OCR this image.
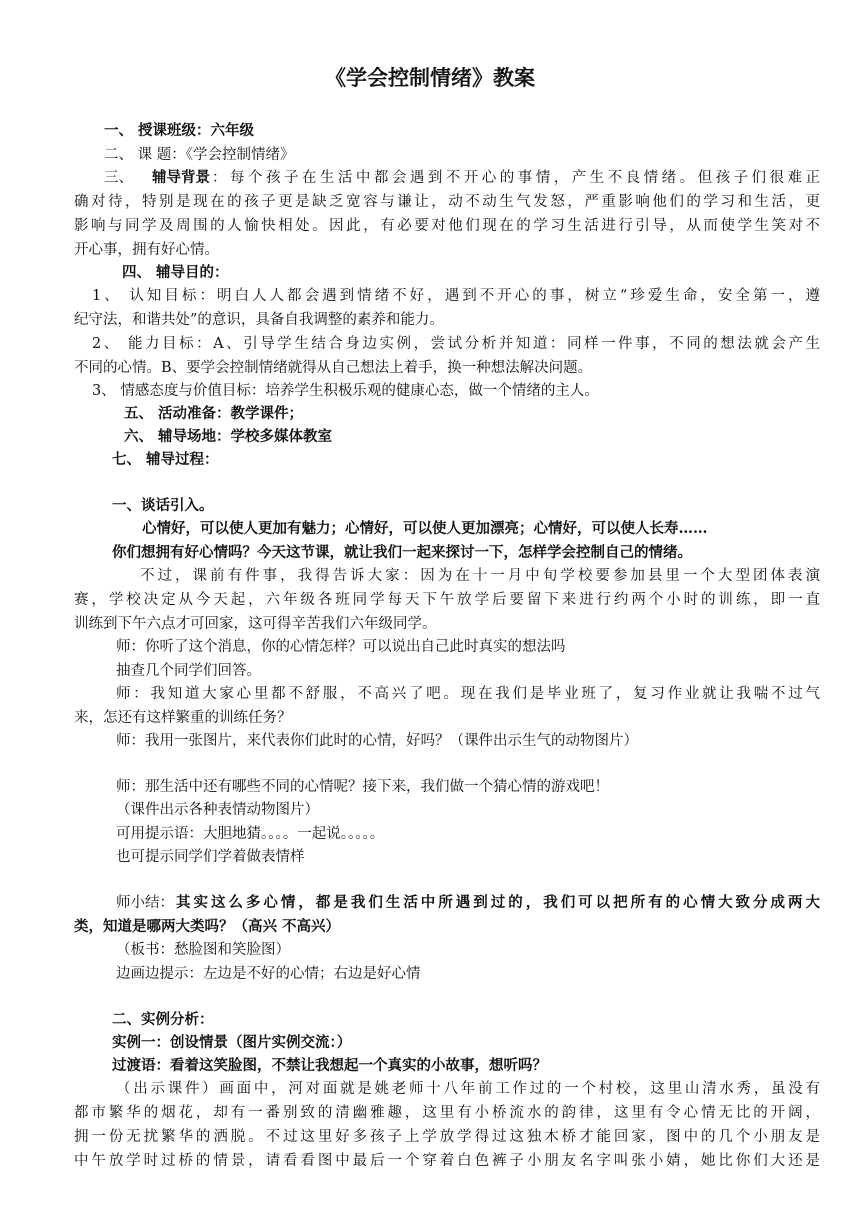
《学会控制情绪》教案
一、 授课班级：六年级
二、 课 题：《学会控制情绪》
三、 辅导背景 ：每个孩子在生活中都会遇到不开心的事情，产生不良情绪。但孩子们很难正
确对待，特别是现在的孩子更是缺乏宽容与谦让，动不动生气发怒，严重影响他们的学习和生活，更
影响与同学及周围的人愉快相处。因此，有必要对他们现在的学习生活进行引导，从而使学生笑对不
开心事，拥有好心情。
四、 辅导目的：
1、 认知目标：明白人人都会遇到情绪不好，遇到不开心的事，树立“珍爱生命，安全第一，遵
纪守法，和谐共处”的意识，具备自我调整的素养和能力。
2、 能力目标：A、引导学生结合身边实例，尝试分析并知道：同样一件事，不同的想法就会产生
不同的心情。B、要学会控制情绪就得从自己想法上着手，换一种想法解决问题。
3、 情感态度与价值目标：培养学生积极乐观的健康心态，做一个情绪的主人。
五、 活动准备：教学课件；
六、 辅导场地：学校多媒体教室
七、 辅导过程：
一、谈话引入。
心情好，可以使人更加有魅力；心情好，可以使人更加漂亮；心情好，可以使人长寿……
你们想拥有好心情吗？今天这节课，就让我们一起来探讨一下，怎样学会控制自己的情绪。
不过，课前有件事，我得告诉大家：因为在十一月中旬学校要参加县里一个大型团体表演
赛，学校决定从今天起，六年级各班同学每天下午放学后要留下来进行约两个小时的训练，即一直
训练到下午六点才可回家，这可得辛苦我们六年级同学。
师：你听了这个消息，你的心情怎样？可以说出自己此时真实的想法吗
抽查几个同学们回答。
师：我知道大家心里都不舒服，不高兴了吧。现在我们是毕业班了，复习作业就让我喘不过气
来，怎还有这样繁重的训练任务？
师：我用一张图片，来代表你们此时的心情，好吗？（课件出示生气的动物图片）
师：那生活中还有哪些不同的心情呢？接下来，我们做一个猜心情的游戏吧！
（课件出示各种表情动物图片）
可用提示语：大胆地猜。。。。一起说。。。。。
也可提示同学们学着做表情样
师小结： 其实这么多心情，都是我们生活中所遇到过的，我们可以把所有的心情大致分成两大
类，知道是哪两大类吗？（高兴 不高兴）
（板书：愁脸图和笑脸图）
边画边提示：左边是不好的心情；右边是好心情
二、实例分析：
实例一：创设情景（图片实例交流：）
过渡语：看着这笑脸图，不禁让我想起一个真实的小故事，想听吗？
（出示课件）画面中，河对面就是姚老师十八年前工作过的一个村校，这里山清水秀，虽没有
都市繁华的烟花，却有一番别致的清幽雅趣，这里有小桥流水的韵律，这里有令心情无比的开阔，
拥一份无扰繁华的洒脱。不过这里好多孩子上学放学得过这独木桥才能回家，图中的几个小朋友是
中午放学时过桥的情景，请看看图中最后一个穿着白色裤子小朋友名字叫张小婧，她比你们大还是
